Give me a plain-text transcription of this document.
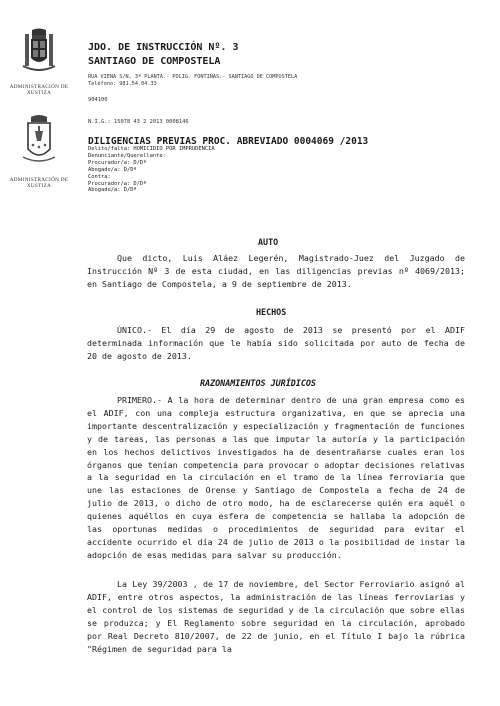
ADMINISTRACIÓN DE XUSTIZA
ADMINISTRACIÓN DE XUSTIZA
JDO. DE INSTRUCCIÓN Nº. 3
SANTIAGO DE COMPOSTELA
RUA VIENA S/N, 3ª PLANTA.- POLIG. FONTIÑAS.- SANTIAGO DE COMPOSTELA
Teléfono: 981.54.04.33
904100
N.I.G.: 15078 43 2 2013 0008146
DILIGENCIAS PREVIAS PROC. ABREVIADO 0004069 /2013
Delito/falta: HOMICIDIO POR IMPRUDENCIA
Denunciante/Querellante:
Procurador/a: D/Dª
Abogado/a: D/Dª
Contra:
Procurador/a: D/Dª
Abogado/a: D/Dª
AUTO

Que dicto, Luis Aláez Legerén, Magistrado-Juez del Juzgado de Instrucción Nº 3 de esta ciudad, en las diligencias previas nº 4069/2013; en Santiago de Compostela, a 9 de septiembre de 2013.

HECHOS

ÚNICO.- El día 29 de agosto de 2013 se presentó por el ADIF determinada información que le había sido solicitada por auto de fecha de 20 de agosto de 2013.

RAZONAMIENTOS JURÍDICOS

PRIMERO.- A la hora de determinar dentro de una gran empresa como es el ADIF, con una compleja estructura organizativa, en que se aprecia una importante descentralización y especialización y fragmentación de funciones y de tareas, las personas a las que imputar la autoría y la participación en los hechos delictivos investigados ha de desentrañarse cuales eran los órganos que tenían competencia para provocar o adoptar decisiones relativas a la seguridad en la circulación en el tramo de la línea ferroviaria que une las estaciones de Orense y Santiago de Compostela a fecha de 24 de julio de 2013, o dicho de otro modo, ha de esclarecerse quién era aquél o quienes aquéllos en cuya esfera de competencia se hallaba la adopción de las oportunas medidas o procedimientos de seguridad para evitar el accidente ocurrido el día 24 de julio de 2013 o la posibilidad de instar la adopción de esas medidas para salvar su producción.

La Ley 39/2003 , de 17 de noviembre, del Sector Ferroviario asignó al ADIF, entre otros aspectos, la administración de las líneas ferroviarias y el control de los sistemas de seguridad y de la circulación que sobre ellas se produzca; y El Reglamento sobre seguridad en la circulación, aprobado por Real Decreto 810/2007, de 22 de junio, en el Título I bajo la rúbrica "Régimen de seguridad para la
